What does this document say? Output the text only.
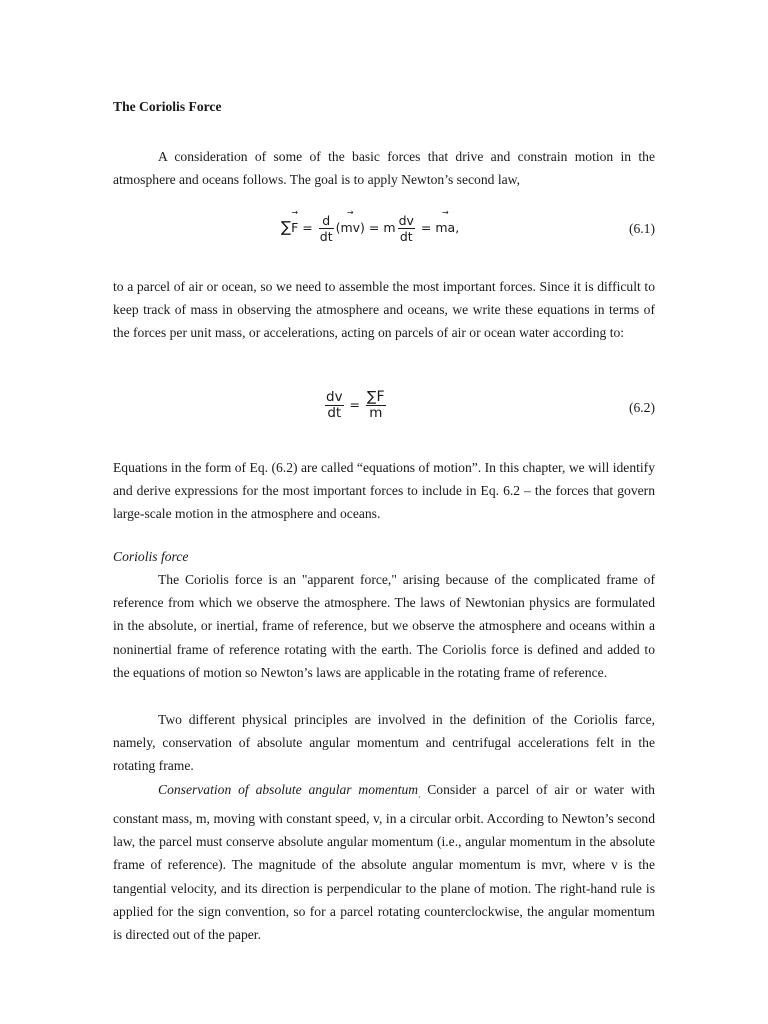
The Coriolis Force

A consideration of some of the basic forces that drive and constrain motion in the atmosphere and oceans follows. The goal is to apply Newton’s second law,

∑→ $F = \frac{d}{dt}$
→ (mv) = m $\frac{dv}{dt}$ = → ma,	(6.1)

to a parcel of air or ocean, so we need to assemble the most important forces. Since it is difficult to keep track of mass in observing the atmosphere and oceans, we write these equations in terms of the forces per unit mass, or accelerations, acting on parcels of air or ocean water according to:

$\frac{dv}{dt} = \frac{\sum F}{m}$	(6.2)

Equations in the form of Eq. (6.2) are called “equations of motion”. In this chapter, we will identify and derive expressions for the most important forces to include in Eq. 6.2 – the forces that govern large-scale motion in the atmosphere and oceans.

Coriolis force

The Coriolis force is an "apparent force," arising because of the complicated frame of reference from which we observe the atmosphere. The laws of Newtonian physics are formulated in the absolute, or inertial, frame of reference, but we observe the atmosphere and oceans within a noninertial frame of reference rotating with the earth. The Coriolis force is defined and added to the equations of motion so Newton’s laws are applicable in the rotating frame of reference.

Two different physical principles are involved in the definition of the Coriolis farce, namely, conservation of absolute angular momentum and centrifugal accelerations felt in the rotating frame.

Conservation of absolute angular momentum$_.$ Consider a parcel of air or water with constant mass, m, moving with constant speed, v, in a circular orbit. According to Newton’s second law, the parcel must conserve absolute angular momentum (i.e., angular momentum in the absolute frame of reference). The magnitude of the absolute angular momentum is mvr, where v is the tangential velocity, and its direction is perpendicular to the plane of motion. The right-hand rule is applied for the sign convention, so for a parcel rotating counterclockwise, the angular momentum is directed out of the paper.
